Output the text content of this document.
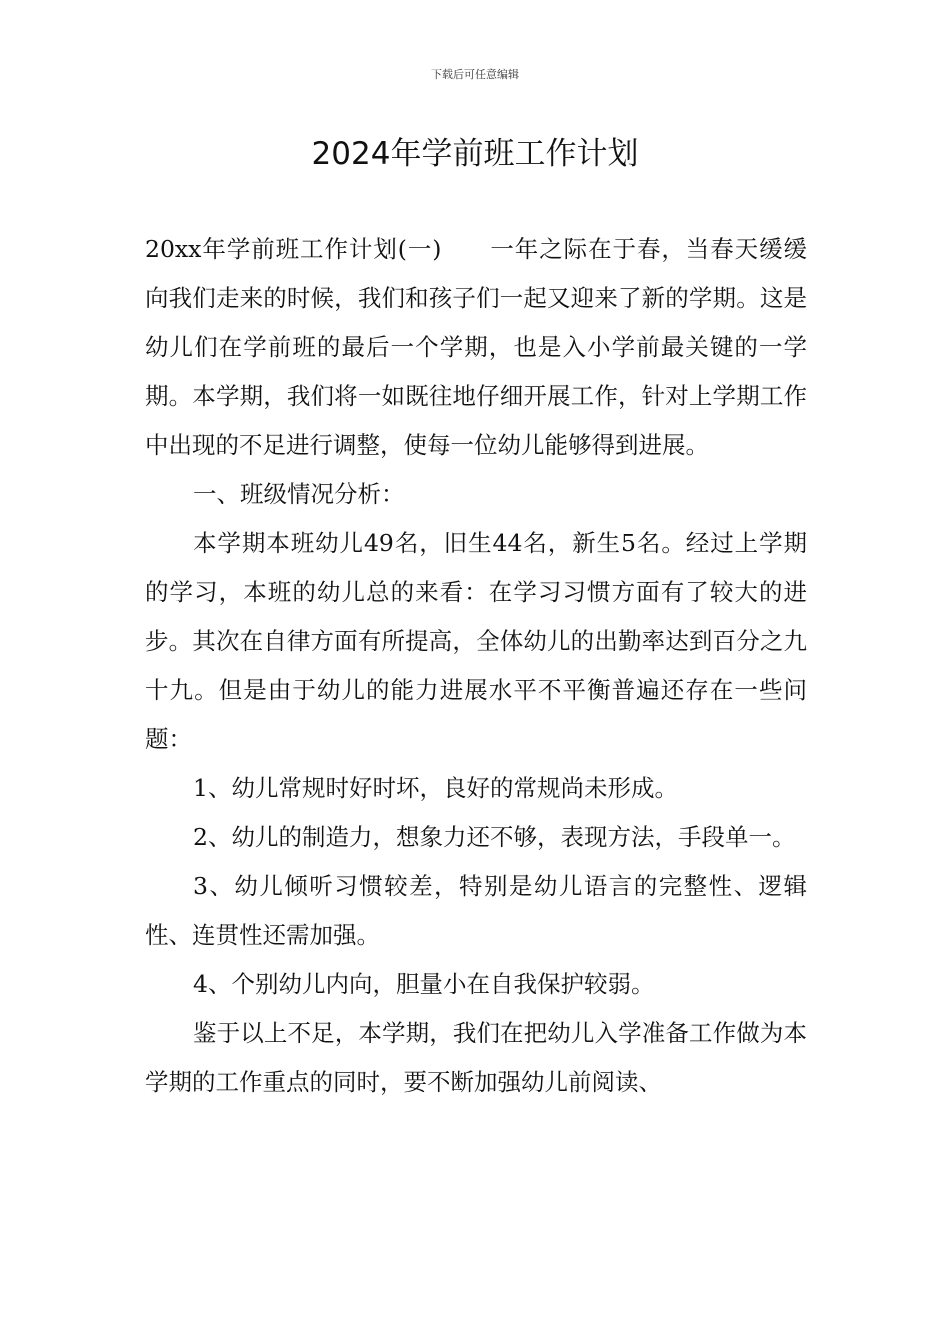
下载后可任意编辑
2024年学前班工作计划

20xx年学前班工作计划(一) 一年之际在于春，当春天缓缓向我们走来的时候，我们和孩子们一起又迎来了新的学期。这是幼儿们在学前班的最后一个学期，也是入小学前最关键的一学期。本学期，我们将一如既往地仔细开展工作，针对上学期工作中出现的不足进行调整，使每一位幼儿能够得到进展。

一、班级情况分析：

本学期本班幼儿49名，旧生44名，新生5名。经过上学期的学习，本班的幼儿总的来看：在学习习惯方面有了较大的进步。其次在自律方面有所提高，全体幼儿的出勤率达到百分之九十九。但是由于幼儿的能力进展水平不平衡普遍还存在一些问题：

1、幼儿常规时好时坏，良好的常规尚未形成。

2、幼儿的制造力，想象力还不够，表现方法，手段单一。

3、幼儿倾听习惯较差，特别是幼儿语言的完整性、逻辑性、连贯性还需加强。

4、个别幼儿内向，胆量小在自我保护较弱。

鉴于以上不足，本学期，我们在把幼儿入学准备工作做为本学期的工作重点的同时，要不断加强幼儿前阅读、
